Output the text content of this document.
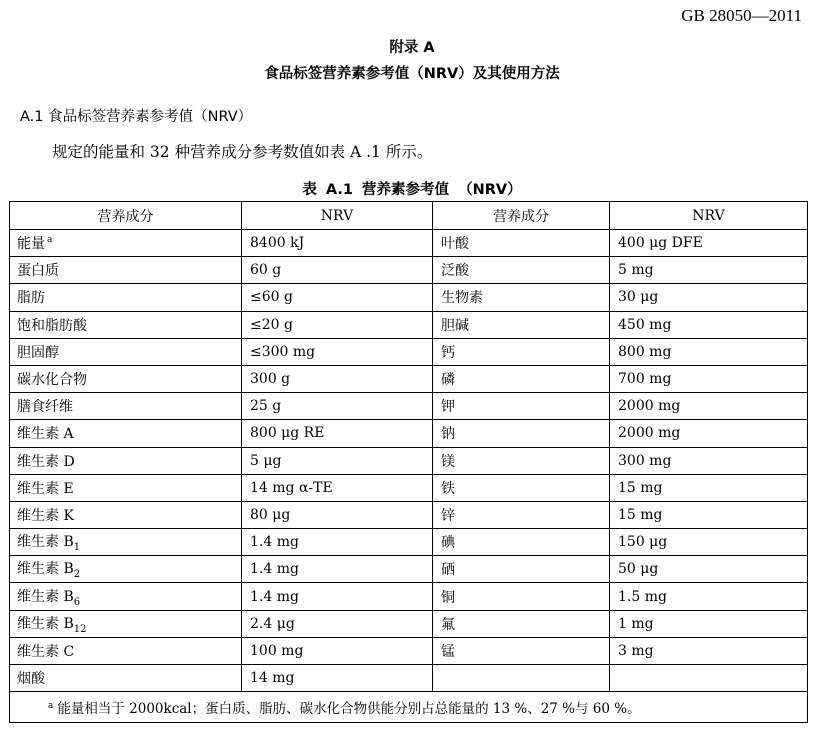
GB 28050—2011
附录 A
食品标签营养素参考值（NRV）及其使用方法
A.1 食品标签营养素参考值（NRV）
规定的能量和 32 种营养成分参考数值如表 A .1 所示。
表 A.1 营养素参考值 （NRV）
营养成分	NRV	营养成分	NRV
能量 $^a$	8400 kJ	叶酸	400 μg DFE
蛋白质	60 g	泛酸	5 mg
脂肪	≤60 g	生物素	30 μg
饱和脂肪酸	≤20 g	胆碱	450 mg
胆固醇	≤300 mg	钙	800 mg
碳水化合物	300 g	磷	700 mg
膳食纤维	25 g	钾	2000 mg
维生素 A	800 μg RE	钠	2000 mg
维生素 D	5 μg	镁	300 mg
维生素 E	14 mg α-TE	铁	15 mg
维生素 K	80 μg	锌	15 mg
维生素 $B_1$	1.4 mg	碘	150 μg
维生素 $B_2$	1.4 mg	硒	50 μg
维生素 $B_6$	1.4 mg	铜	1.5 mg
维生素 $B_{12}$	2.4 μg	氟	1 mg
维生素 C	100 mg	锰	3 mg
烟酸	14 mg		
$^a$ 能量相当于 2000kcal；蛋白质、脂肪、碳水化合物供能分别占总能量的 13 %、27 %与 60 %。			
